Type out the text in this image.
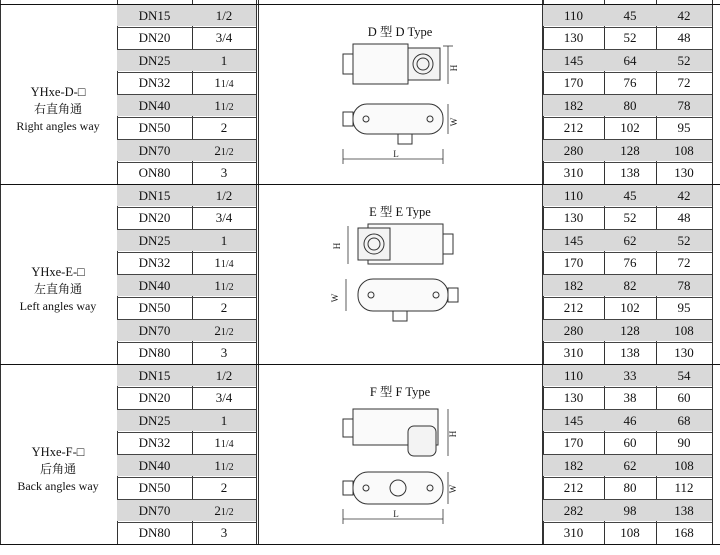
DN15	1/2	110	45	42
DN20	3/4	130	52	48
DN25	1	145	64	52
DN32	11/4	170	76	72
DN40	11/2	182	80	78
DN50	2	212	102	95
DN70	21/2	280	128	108
ON80	3	310	138	130
YHxe-D-□
右直角通
Right angles way
D 型 D Type
H
W
L
DN15	1/2	110	45	42
DN20	3/4	130	52	48
DN25	1	145	62	52
DN32	11/4	170	76	72
DN40	11/2	182	82	78
DN50	2	212	102	95
DN70	21/2	280	128	108
DN80	3	310	138	130
YHxe-E-□
左直角通
Left angles way
E 型 E Type
H
W
DN15	1/2	110	33	54
DN20	3/4	130	38	60
DN25	1	145	46	68
DN32	11/4	170	60	90
DN40	11/2	182	62	108
DN50	2	212	80	112
DN70	21/2	282	98	138
DN80	3	310	108	168
YHxe-F-□
后角通
Back angles way
F 型 F Type
H
W
L
